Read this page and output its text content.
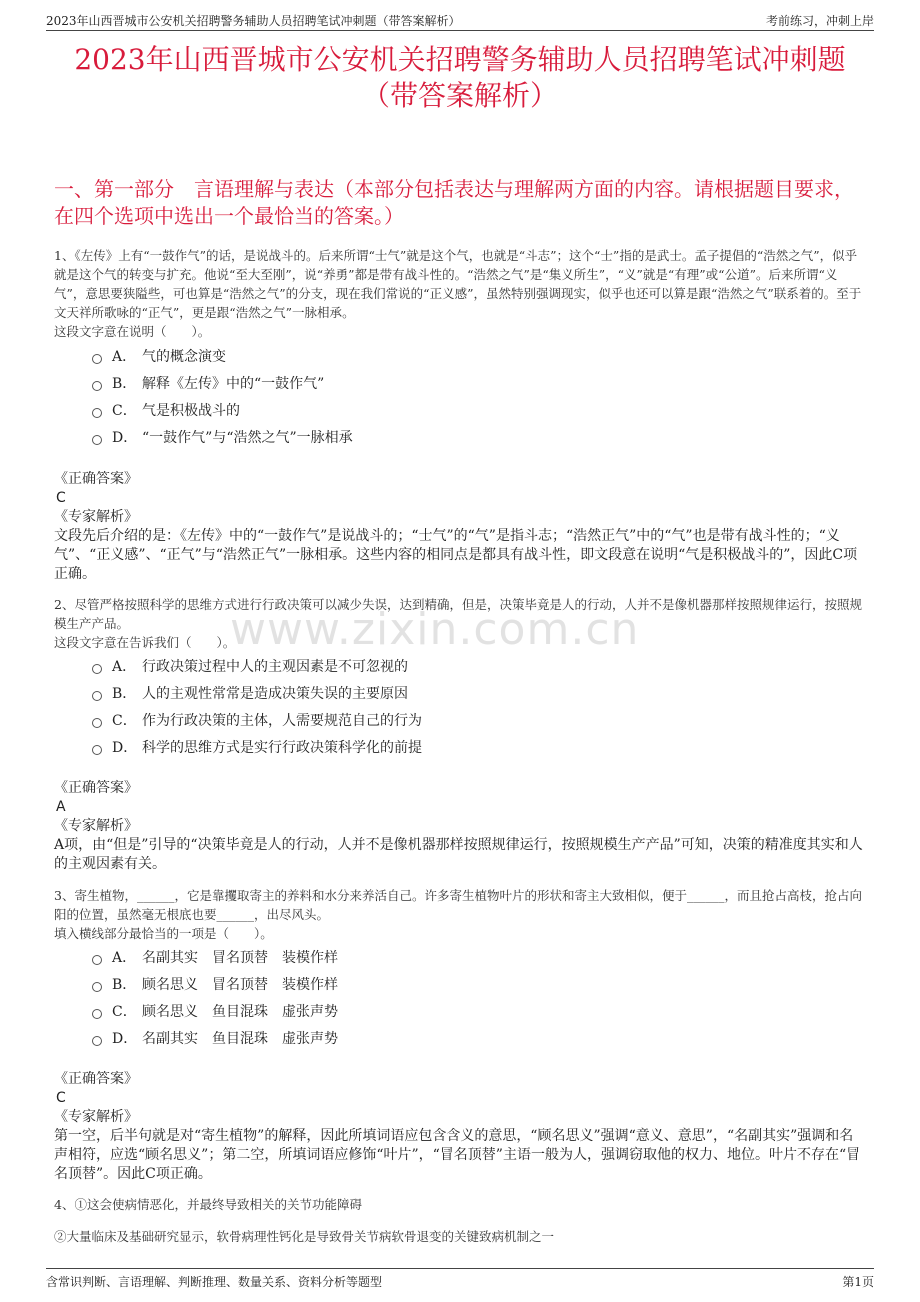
2023年山西晋城市公安机关招聘警务辅助人员招聘笔试冲刺题（带答案解析）	考前练习，冲刺上岸
2023年山西晋城市公安机关招聘警务辅助人员招聘笔试冲刺题
（带答案解析）
一、第一部分　言语理解与表达（本部分包括表达与理解两方面的内容。请根据题目要求，在四个选项中选出一个最恰当的答案。）
www.zixin.com.cn
1、《左传》上有“一鼓作气”的话，是说战斗的。后来所谓“士气”就是这个气，也就是“斗志”；这个“士”指的是武士。孟子提倡的“浩然之气”，似乎就是这个气的转变与扩充。他说“至大至刚”，说“养勇”都是带有战斗性的。“浩然之气”是“集义所生”，“义”就是“有理”或“公道”。后来所谓“义气”，意思要狭隘些，可也算是“浩然之气”的分支，现在我们常说的“正义感”，虽然特别强调现实，似乎也还可以算是跟“浩然之气”联系着的。至于文天祥所歌咏的“正气”，更是跟“浩然之气”一脉相承。
这段文字意在说明（　　）。
A． 气的概念演变
B． 解释《左传》中的“一鼓作气”
C． 气是积极战斗的
D． “一鼓作气”与“浩然之气”一脉相承
《正确答案》
C
《专家解析》
文段先后介绍的是：《左传》中的“一鼓作气”是说战斗的；“士气”的“气”是指斗志；“浩然正气”中的“气”也是带有战斗性的；“义气”、“正义感”、“正气”与“浩然正气”一脉相承。这些内容的相同点是都具有战斗性，即文段意在说明“气是积极战斗的”，因此C项正确。
2、尽管严格按照科学的思维方式进行行政决策可以减少失误，达到精确，但是，决策毕竟是人的行动，人并不是像机器那样按照规律运行，按照规模生产产品。
这段文字意在告诉我们（　　）。
A． 行政决策过程中人的主观因素是不可忽视的
B． 人的主观性常常是造成决策失误的主要原因
C． 作为行政决策的主体，人需要规范自己的行为
D． 科学的思维方式是实行行政决策科学化的前提
《正确答案》
A
《专家解析》
A项，由“但是”引导的“决策毕竟是人的行动，人并不是像机器那样按照规律运行，按照规模生产产品”可知，决策的精准度其实和人的主观因素有关。
3、寄生植物，______，它是靠攫取寄主的养料和水分来养活自己。许多寄生植物叶片的形状和寄主大致相似，便于______，而且抢占高枝，抢占向阳的位置，虽然毫无根底也要______，出尽风头。
填入横线部分最恰当的一项是（　　）。
A． 名副其实　冒名顶替　装模作样
B． 顾名思义　冒名顶替　装模作样
C． 顾名思义　鱼目混珠　虚张声势
D． 名副其实　鱼目混珠　虚张声势
《正确答案》
C
《专家解析》
第一空，后半句就是对“寄生植物”的解释，因此所填词语应包含含义的意思，“顾名思义”强调“意义、意思”，“名副其实”强调和名声相符，应选“顾名思义”；第二空，所填词语应修饰“叶片”，“冒名顶替”主语一般为人，强调窃取他的权力、地位。叶片不存在“冒名顶替”。因此C项正确。
4、①这会使病情恶化，并最终导致相关的关节功能障碍
②大量临床及基础研究显示，软骨病理性钙化是导致骨关节病软骨退变的关键致病机制之一
含常识判断、言语理解、判断推理、数量关系、资料分析等题型	第1页
